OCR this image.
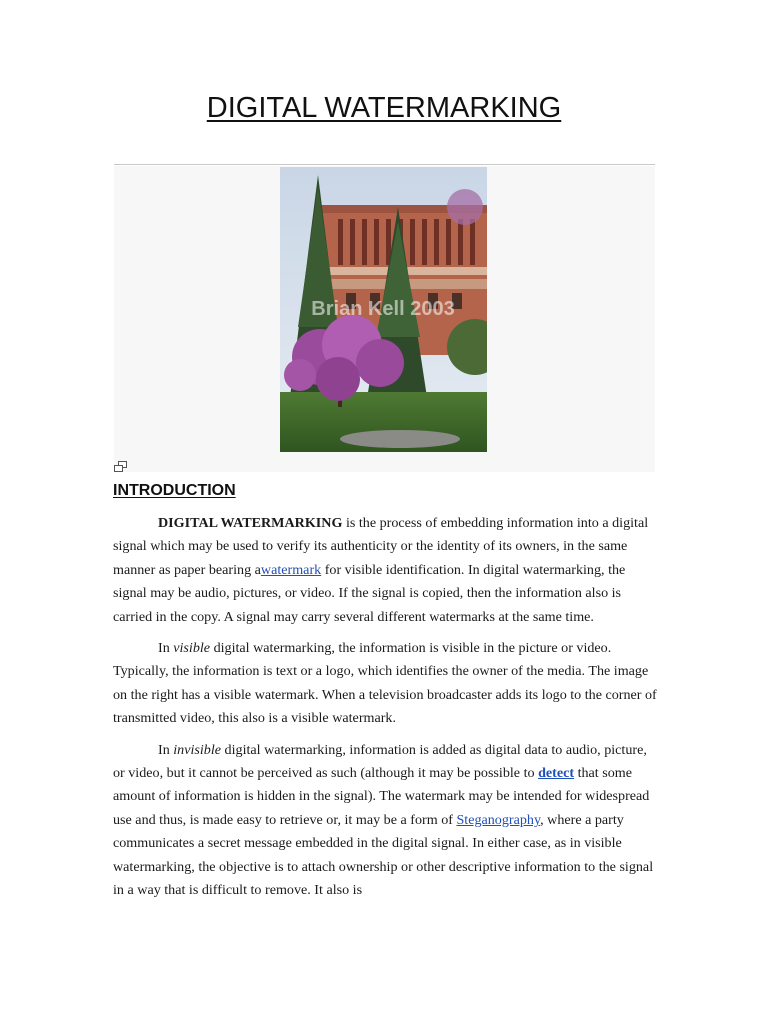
DIGITAL WATERMARKING
Brian Kell 2003
INTRODUCTION

DIGITAL WATERMARKING is the process of embedding information into a digital signal which may be used to verify its authenticity or the identity of its owners, in the same manner as paper bearing awatermark for visible identification. In digital watermarking, the signal may be audio, pictures, or video. If the signal is copied, then the information also is carried in the copy. A signal may carry several different watermarks at the same time.

In visible digital watermarking, the information is visible in the picture or video. Typically, the information is text or a logo, which identifies the owner of the media. The image on the right has a visible watermark. When a television broadcaster adds its logo to the corner of transmitted video, this also is a visible watermark.

In invisible digital watermarking, information is added as digital data to audio, picture, or video, but it cannot be perceived as such (although it may be possible to detect that some amount of information is hidden in the signal). The watermark may be intended for widespread use and thus, is made easy to retrieve or, it may be a form of Steganography, where a party communicates a secret message embedded in the digital signal. In either case, as in visible watermarking, the objective is to attach ownership or other descriptive information to the signal in a way that is difficult to remove. It also is
